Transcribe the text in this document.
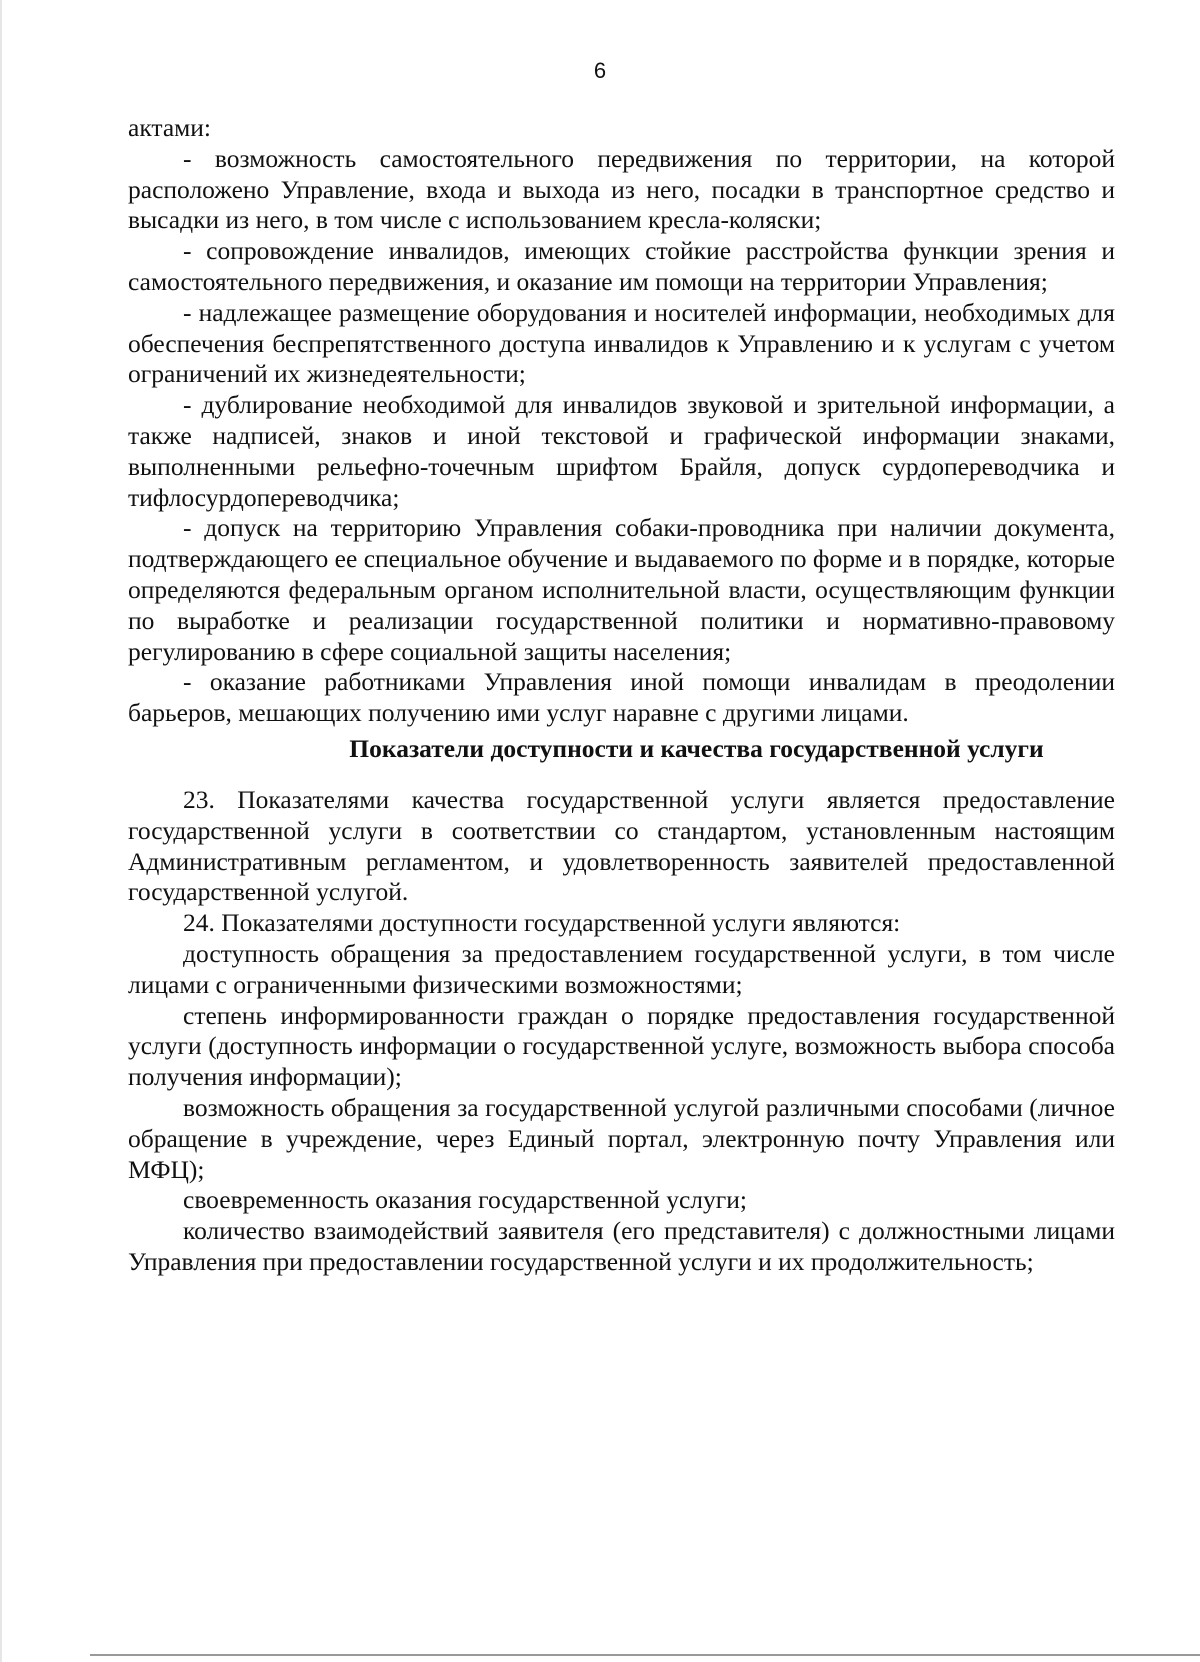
6

актами:

- возможность самостоятельного передвижения по территории, на которой расположено Управление, входа и выхода из него, посадки в транспортное средство и высадки из него, в том числе с использованием кресла-коляски;

- сопровождение инвалидов, имеющих стойкие расстройства функции зрения и самостоятельного передвижения, и оказание им помощи на территории Управления;

- надлежащее размещение оборудования и носителей информации, необходимых для обеспечения беспрепятственного доступа инвалидов к Управлению и к услугам с учетом ограничений их жизнедеятельности;

- дублирование необходимой для инвалидов звуковой и зрительной информации, а также надписей, знаков и иной текстовой и графической информации знаками, выполненными рельефно-точечным шрифтом Брайля, допуск сурдопереводчика и тифлосурдопереводчика;

- допуск на территорию Управления собаки-проводника при наличии документа, подтверждающего ее специальное обучение и выдаваемого по форме и в порядке, которые определяются федеральным органом исполнительной власти, осуществляющим функции по выработке и реализации государственной политики и нормативно-правовому регулированию в сфере социальной защиты населения;

- оказание работниками Управления иной помощи инвалидам в преодолении барьеров, мешающих получению ими услуг наравне с другими лицами.

Показатели доступности и качества государственной услуги

23. Показателями качества государственной услуги является предоставление государственной услуги в соответствии со стандартом, установленным настоящим Административным регламентом, и удовлетворенность заявителей предоставленной государственной услугой.

24. Показателями доступности государственной услуги являются:

доступность обращения за предоставлением государственной услуги, в том числе лицами с ограниченными физическими возможностями;

степень информированности граждан о порядке предоставления государственной услуги (доступность информации о государственной услуге, возможность выбора способа получения информации);

возможность обращения за государственной услугой различными способами (личное обращение в учреждение, через Единый портал, электронную почту Управления или МФЦ);

своевременность оказания государственной услуги;

количество взаимодействий заявителя (его представителя) с должностными лицами Управления при предоставлении государственной услуги и их продолжительность;
